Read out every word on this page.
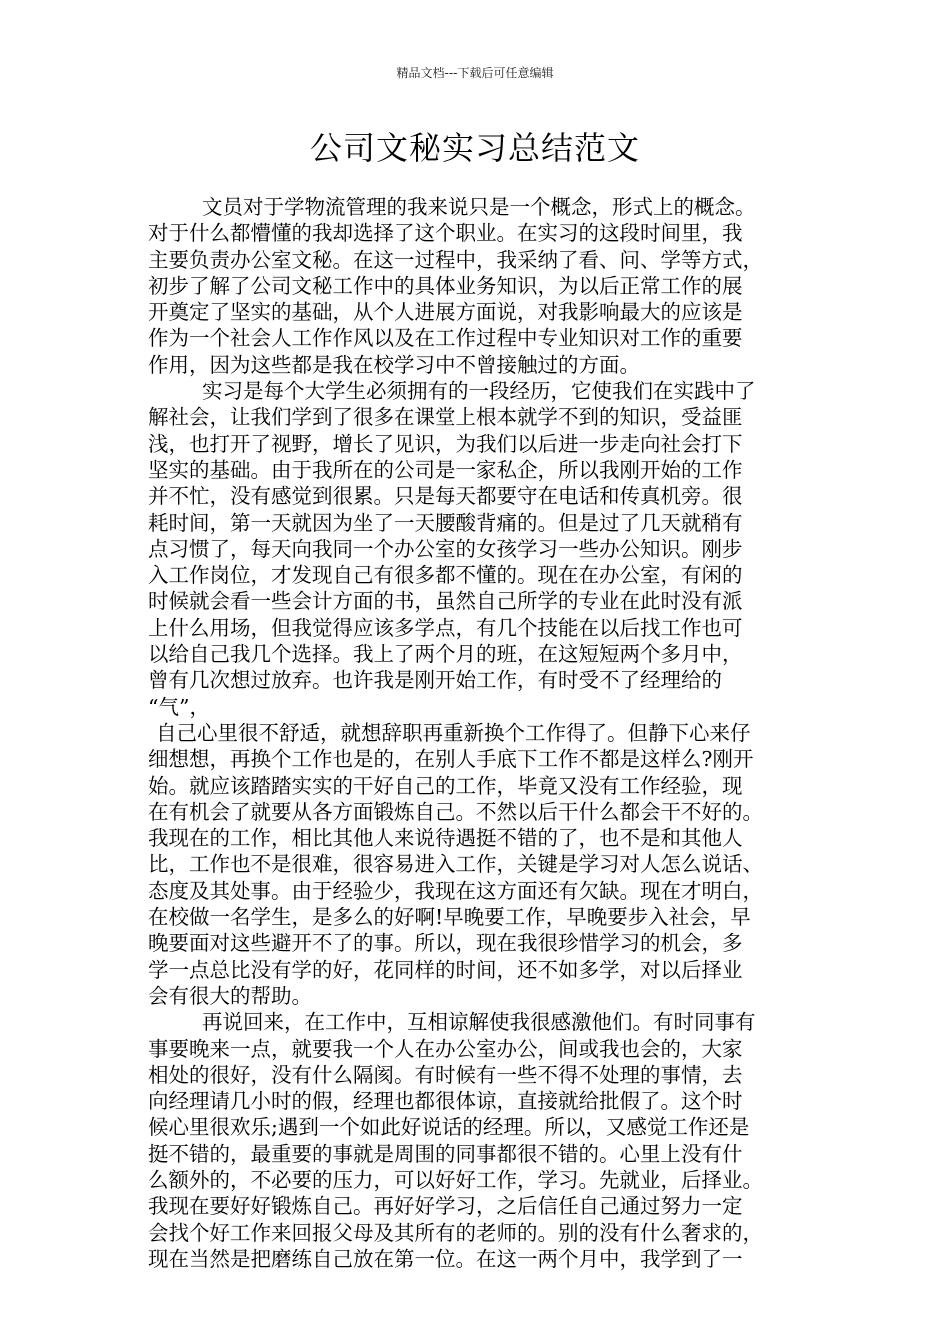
精品文档---下载后可任意编辑
公司文秘实习总结范文
文员对于学物流管理的我来说只是一个概念，形式上的概念。
对于什么都懵懂的我却选择了这个职业。在实习的这段时间里，我
主要负责办公室文秘。在这一过程中，我采纳了看、问、学等方式，
初步了解了公司文秘工作中的具体业务知识，为以后正常工作的展
开奠定了坚实的基础，从个人进展方面说，对我影响最大的应该是
作为一个社会人工作作风以及在工作过程中专业知识对工作的重要
作用，因为这些都是我在校学习中不曾接触过的方面。
实习是每个大学生必须拥有的一段经历，它使我们在实践中了
解社会，让我们学到了很多在课堂上根本就学不到的知识，受益匪
浅，也打开了视野，增长了见识，为我们以后进一步走向社会打下
坚实的基础。由于我所在的公司是一家私企，所以我刚开始的工作
并不忙，没有感觉到很累。只是每天都要守在电话和传真机旁。很
耗时间，第一天就因为坐了一天腰酸背痛的。但是过了几天就稍有
点习惯了，每天向我同一个办公室的女孩学习一些办公知识。刚步
入工作岗位，才发现自己有很多都不懂的。现在在办公室，有闲的
时候就会看一些会计方面的书，虽然自己所学的专业在此时没有派
上什么用场，但我觉得应该多学点，有几个技能在以后找工作也可
以给自己我几个选择。我上了两个月的班，在这短短两个多月中，
曾有几次想过放弃。也许我是刚开始工作，有时受不了经理给的
“气”，
自己心里很不舒适，就想辞职再重新换个工作得了。但静下心来仔
细想想，再换个工作也是的，在别人手底下工作不都是这样么?刚开
始。就应该踏踏实实的干好自己的工作，毕竟又没有工作经验，现
在有机会了就要从各方面锻炼自己。不然以后干什么都会干不好的。
我现在的工作，相比其他人来说待遇挺不错的了，也不是和其他人
比，工作也不是很难，很容易进入工作，关键是学习对人怎么说话、
态度及其处事。由于经验少，我现在这方面还有欠缺。现在才明白，
在校做一名学生，是多么的好啊!早晚要工作，早晚要步入社会，早
晚要面对这些避开不了的事。所以，现在我很珍惜学习的机会，多
学一点总比没有学的好，花同样的时间，还不如多学，对以后择业
会有很大的帮助。
再说回来，在工作中，互相谅解使我很感激他们。有时同事有
事要晚来一点，就要我一个人在办公室办公，间或我也会的，大家
相处的很好，没有什么隔阂。有时候有一些不得不处理的事情，去
向经理请几小时的假，经理也都很体谅，直接就给批假了。这个时
候心里很欢乐;遇到一个如此好说话的经理。所以，又感觉工作还是
挺不错的，最重要的事就是周围的同事都很不错的。心里上没有什
么额外的，不必要的压力，可以好好工作，学习。先就业，后择业。
我现在要好好锻炼自己。再好好学习，之后信任自己通过努力一定
会找个好工作来回报父母及其所有的老师的。别的没有什么奢求的，
现在当然是把磨练自己放在第一位。在这一两个月中，我学到了一
